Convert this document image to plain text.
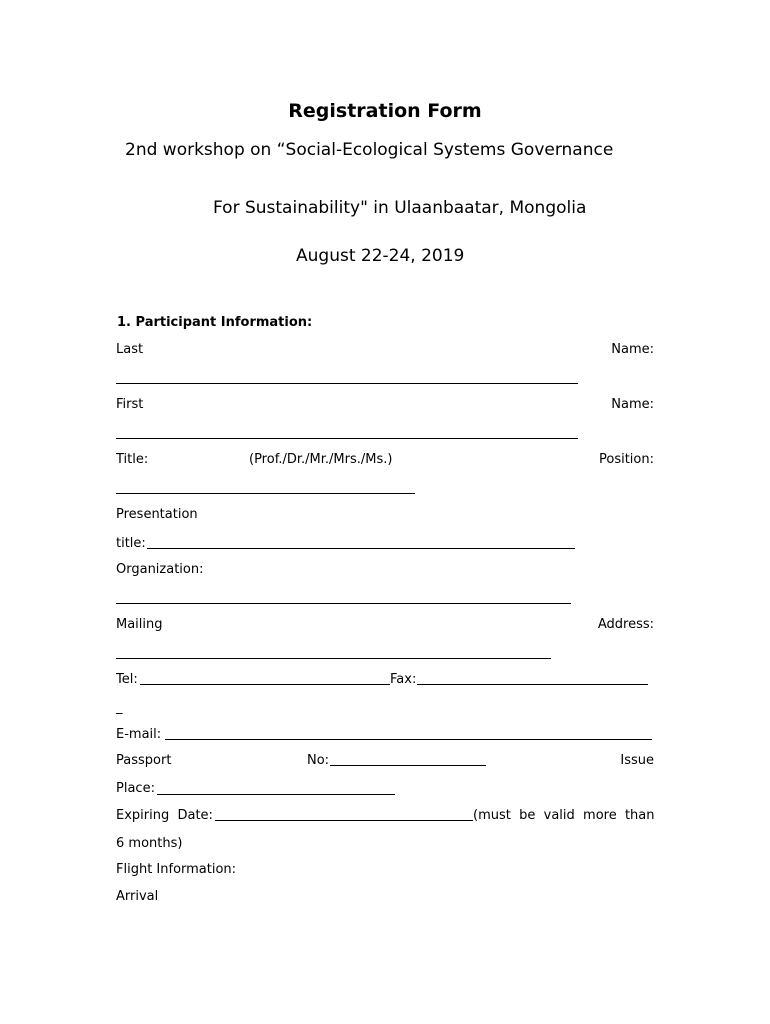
Registration Form
2nd workshop on “Social-Ecological Systems Governance
For Sustainability" in Ulaanbaatar, Mongolia
August 22-24, 2019
1. Participant Information:
Last	Name:
First	Name:
Title:	(Prof./Dr./Mr./Mrs./Ms.)	Position:
Presentation
title:
Organization:
Mailing	Address:
Tel:	Fax:
_
E-mail:
Passport	No:	Issue
Place:
Expiring  Date:	(must  be  valid  more  than
6 months)
Flight Information:
Arrival
